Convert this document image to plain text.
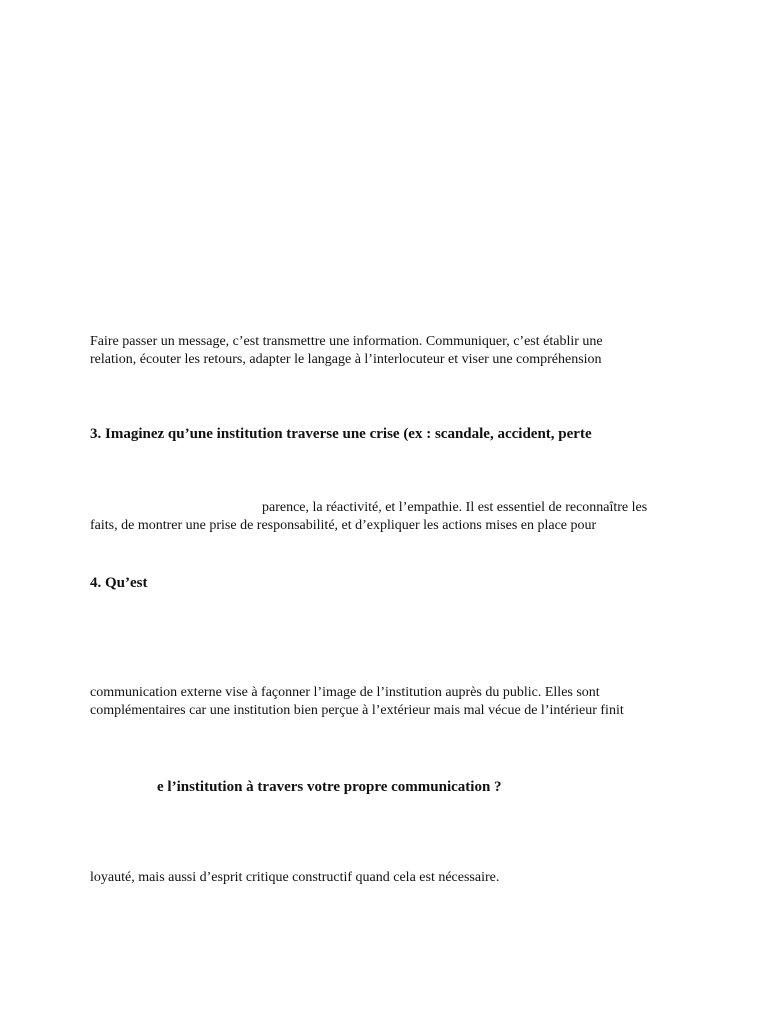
Faire passer un message, c’est transmettre une information. Communiquer, c’est établir une
relation, écouter les retours, adapter le langage à l’interlocuteur et viser une compréhension
3. Imaginez qu’une institution traverse une crise (ex : scandale, accident, perte
parence, la réactivité, et l’empathie. Il est essentiel de reconnaître les
faits, de montrer une prise de responsabilité, et d’expliquer les actions mises en place pour
4. Qu’est
communication externe vise à façonner l’image de l’institution auprès du public. Elles sont
complémentaires car une institution bien perçue à l’extérieur mais mal vécue de l’intérieur finit
e l’institution à travers votre propre communication ?
loyauté, mais aussi d’esprit critique constructif quand cela est nécessaire.
